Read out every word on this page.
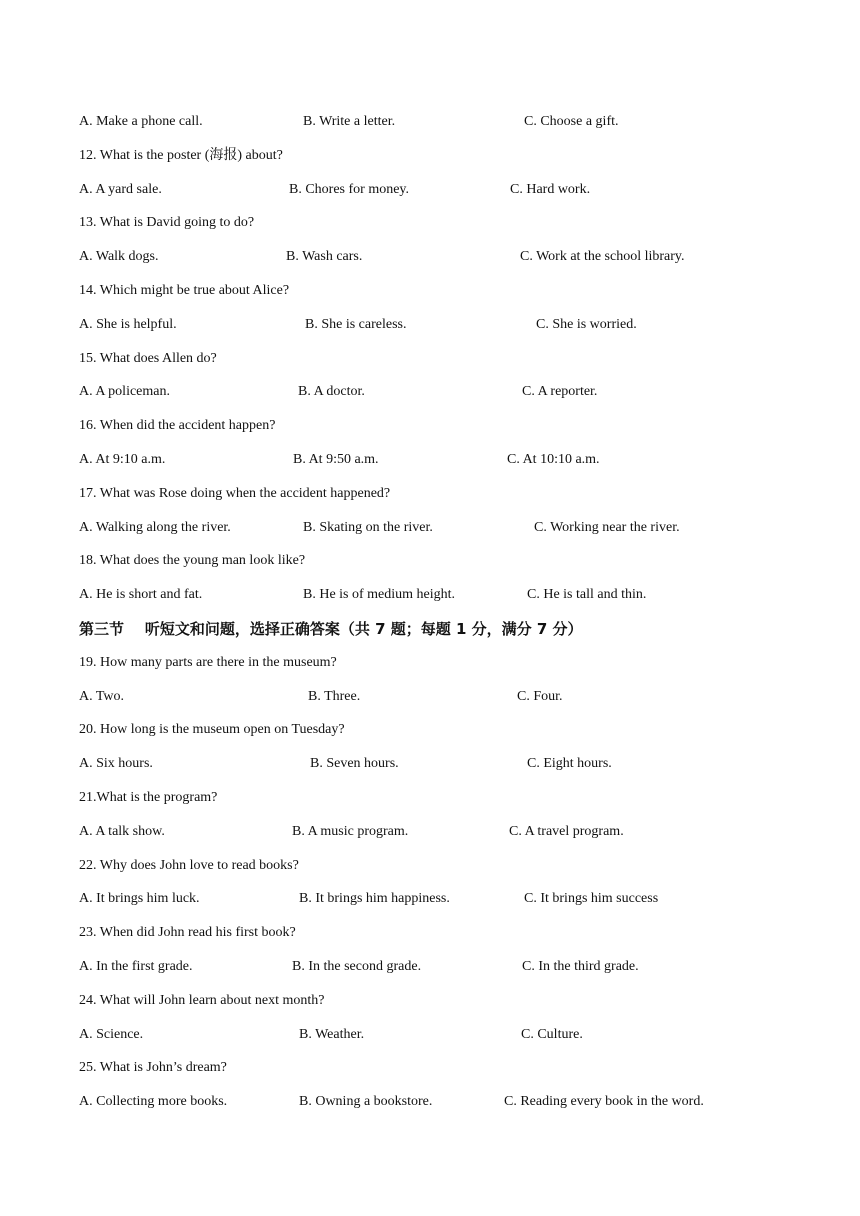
A. Make a phone call.	B. Write a letter.	C. Choose a gift.
12. What is the poster (海报) about?
A. A yard sale.	B. Chores for money.	C. Hard work.
13. What is David going to do?
A. Walk dogs.	B. Wash cars.	C. Work at the school library.
14. Which might be true about Alice?
A. She is helpful.	B. She is careless.	C. She is worried.
15. What does Allen do?
A. A policeman.	B. A doctor.	C. A reporter.
16. When did the accident happen?
A. At 9:10 a.m.	B. At 9:50 a.m.	C. At 10:10 a.m.
17. What was Rose doing when the accident happened?
A. Walking along the river.	B. Skating on the river.	C. Working near the river.
18. What does the young man look like?
A. He is short and fat.	B. He is of medium height.	C. He is tall and thin.
第三节    听短文和问题，选择正确答案（共 7 题；每题 1 分，满分 7 分）
19. How many parts are there in the museum?
A. Two.	B. Three.	C. Four.
20. How long is the museum open on Tuesday?
A. Six hours.	B. Seven hours.	C. Eight hours.
21.What is the program?
A. A talk show.	B. A music program.	C. A travel program.
22. Why does John love to read books?
A. It brings him luck.	B. It brings him happiness.	C. It brings him success
23. When did John read his first book?
A. In the first grade.	B. In the second grade.	C. In the third grade.
24. What will John learn about next month?
A. Science.	B. Weather.	C. Culture.
25. What is John’s dream?
A. Collecting more books.	B. Owning a bookstore.	C. Reading every book in the word.
